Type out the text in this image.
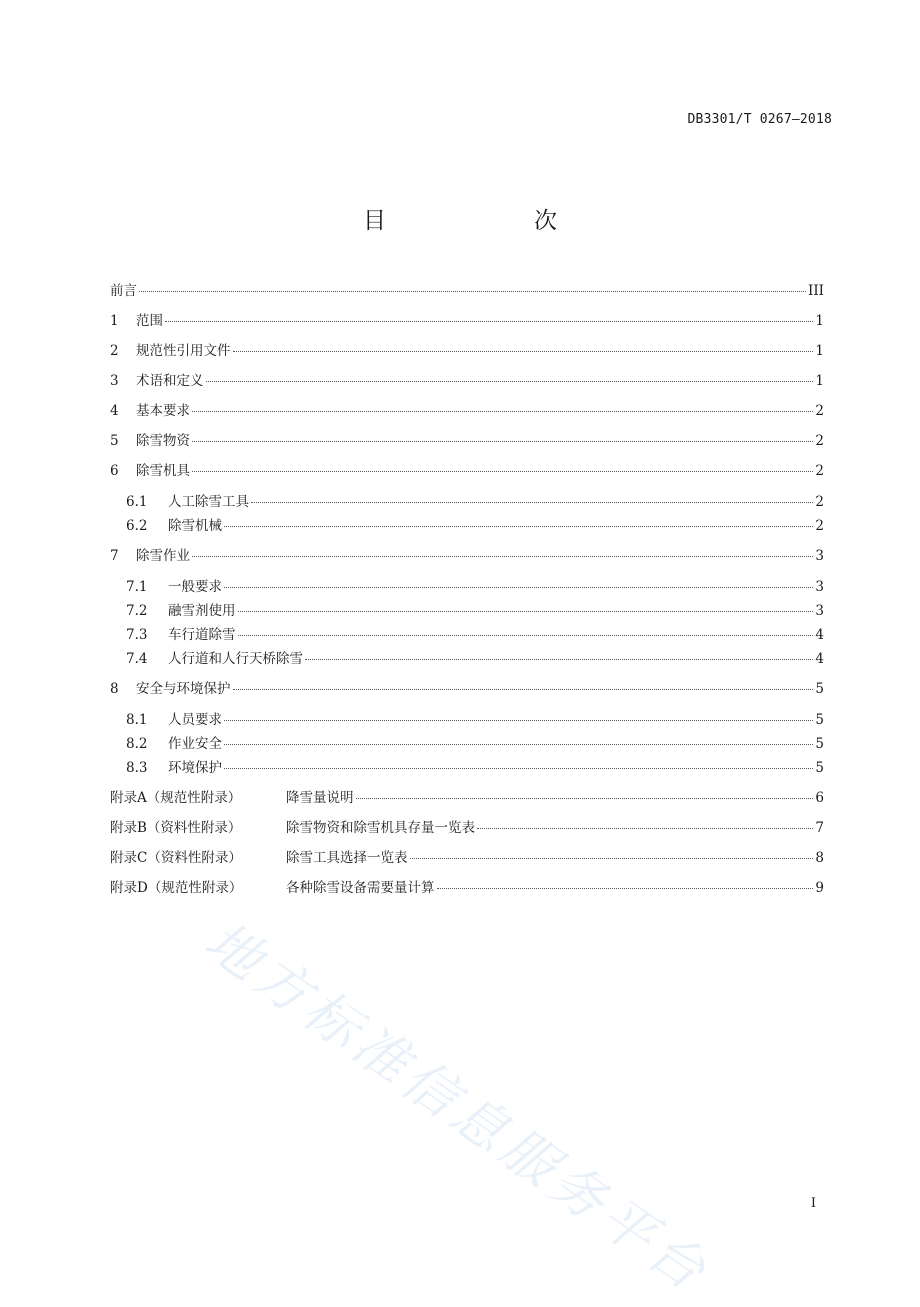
DB3301/T 0267—2018
目　　次
前言	III
1	范围	1
2	规范性引用文件	1
3	术语和定义	1
4	基本要求	2
5	除雪物资	2
6	除雪机具	2
6.1	人工除雪工具	2
6.2	除雪机械	2
7	除雪作业	3
7.1	一般要求	3
7.2	融雪剂使用	3
7.3	车行道除雪	4
7.4	人行道和人行天桥除雪	4
8	安全与环境保护	5
8.1	人员要求	5
8.2	作业安全	5
8.3	环境保护	5
附录A（规范性附录）	降雪量说明	6
附录B（资料性附录）	除雪物资和除雪机具存量一览表	7
附录C（资料性附录）	除雪工具选择一览表	8
附录D（规范性附录）	各种除雪设备需要量计算	9
地方标准信息服务平台	I
